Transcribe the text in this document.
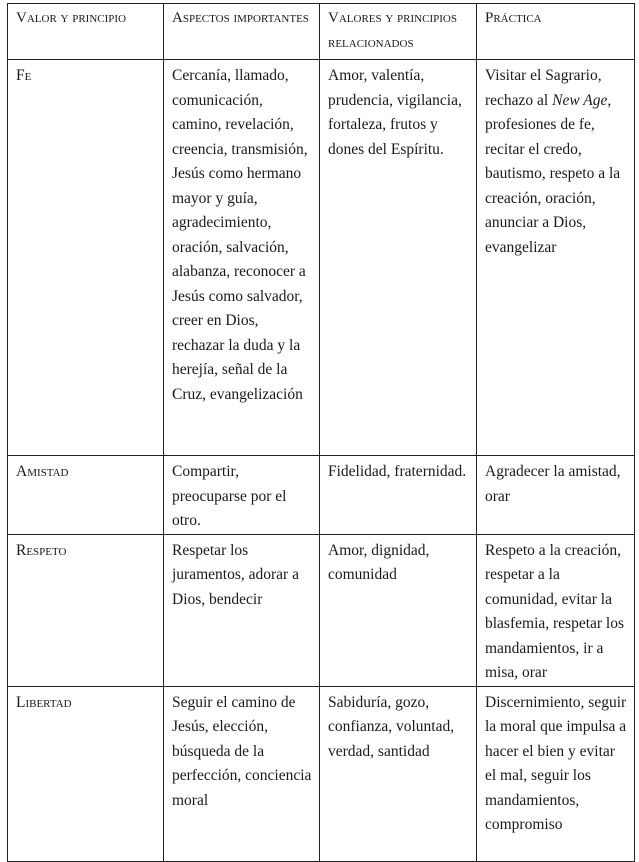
Valor y principio	Aspectos importantes	Valores y principios relacionados	Práctica
Fe	Cercanía, llamado, comunicación, camino, revelación, creencia, transmisión, Jesús como hermano mayor y guía, agradecimiento, oración, salvación, alabanza, reconocer a Jesús como salvador, creer en Dios, rechazar la duda y la herejía, señal de la Cruz, evangelización	Amor, valentía, prudencia, vigilancia, fortaleza, frutos y dones del Espíritu.	Visitar el Sagrario, rechazo al New Age, profesiones de fe, recitar el credo, bautismo, respeto a la creación, oración, anunciar a Dios, evangelizar
Amistad	Compartir, preocuparse por el otro.	Fidelidad, fraternidad.	Agradecer la amistad, orar
Respeto	Respetar los juramentos, adorar a Dios, bendecir	Amor, dignidad, comunidad	Respeto a la creación, respetar a la comunidad, evitar la blasfemia, respetar los mandamientos, ir a misa, orar
Libertad	Seguir el camino de Jesús, elección, búsqueda de la perfección, conciencia moral	Sabiduría, gozo, confianza, voluntad, verdad, santidad	Discernimiento, seguir la moral que impulsa a hacer el bien y evitar el mal, seguir los mandamientos, compromiso
